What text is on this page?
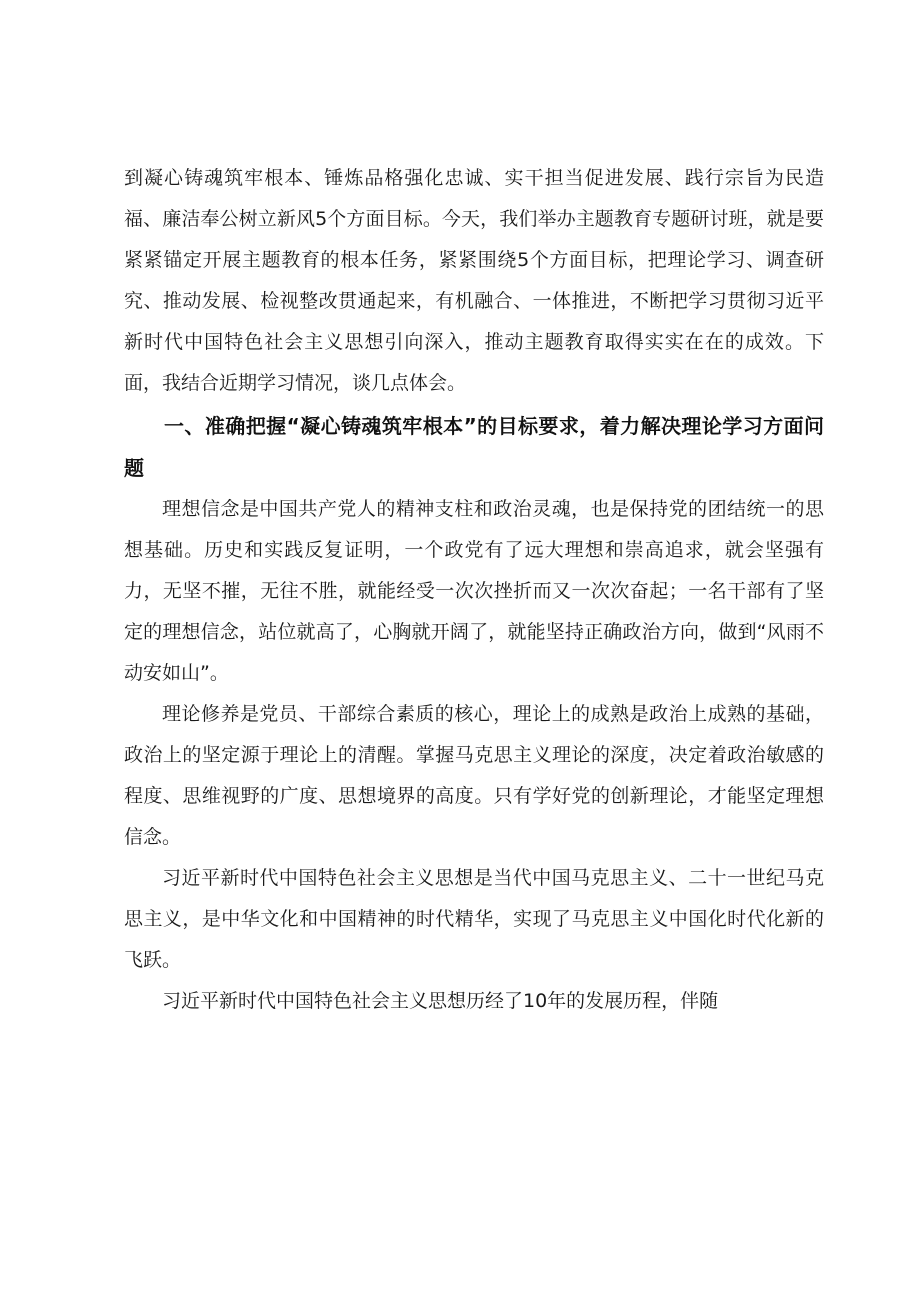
到凝心铸魂筑牢根本、锤炼品格强化忠诚、实干担当促进发展、践行宗旨为民造福、廉洁奉公树立新风5个方面目标。今天，我们举办主题教育专题研讨班，就是要紧紧锚定开展主题教育的根本任务，紧紧围绕5个方面目标，把理论学习、调查研究、推动发展、检视整改贯通起来，有机融合、一体推进，不断把学习贯彻习近平新时代中国特色社会主义思想引向深入，推动主题教育取得实实在在的成效。下面，我结合近期学习情况，谈几点体会。

一、准确把握“凝心铸魂筑牢根本”的目标要求，着力解决理论学习方面问题

理想信念是中国共产党人的精神支柱和政治灵魂，也是保持党的团结统一的思想基础。历史和实践反复证明，一个政党有了远大理想和崇高追求，就会坚强有力，无坚不摧，无往不胜，就能经受一次次挫折而又一次次奋起；一名干部有了坚定的理想信念，站位就高了，心胸就开阔了，就能坚持正确政治方向，做到“风雨不动安如山”。

理论修养是党员、干部综合素质的核心，理论上的成熟是政治上成熟的基础，政治上的坚定源于理论上的清醒。掌握马克思主义理论的深度，决定着政治敏感的程度、思维视野的广度、思想境界的高度。只有学好党的创新理论，才能坚定理想信念。

习近平新时代中国特色社会主义思想是当代中国马克思主义、二十一世纪马克思主义，是中华文化和中国精神的时代精华，实现了马克思主义中国化时代化新的飞跃。

习近平新时代中国特色社会主义思想历经了10年的发展历程，伴随
